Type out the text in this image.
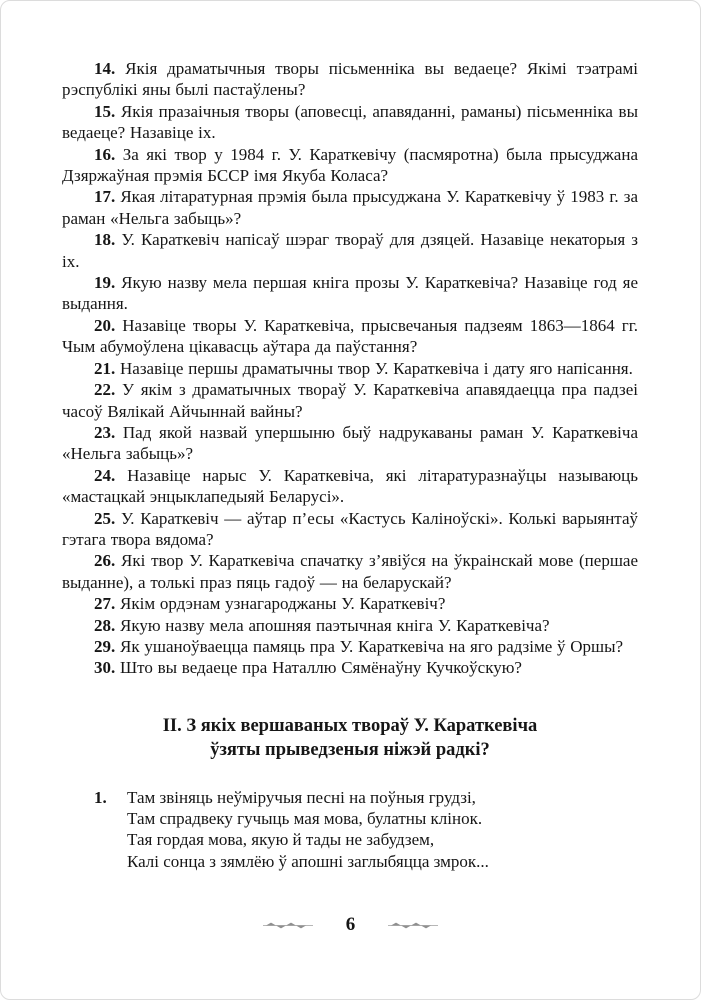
14. Якія драматычныя творы пісьменніка вы ведаеце? Якімі тэатрамі рэспублікі яны былі пастаўлены?

15. Якія празаічныя творы (аповесці, апавяданні, раманы) пісьменніка вы ведаеце? Назавіце іх.

16. За які твор у 1984 г. У. Караткевічу (пасмяротна) была прысуджана Дзяржаўная прэмія БССР імя Якуба Коласа?

17. Якая літаратурная прэмія была прысуджана У. Караткевічу ў 1983 г. за раман «Нельга забыць»?

18. У. Караткевіч напісаў шэраг твораў для дзяцей. Назавіце некаторыя з іх.

19. Якую назву мела першая кніга прозы У. Караткевіча? Назавіце год яе выдання.

20. Назавіце творы У. Караткевіча, прысвечаныя падзеям 1863—1864 гг. Чым абумоўлена цікавасць аўтара да паўстання?

21. Назавіце першы драматычны твор У. Караткевіча і дату яго напісання.

22. У якім з драматычных твораў У. Караткевіча апавядаецца пра падзеі часоў Вялікай Айчыннай вайны?

23. Пад якой назвай упершыню быў надрукаваны раман У. Караткевіча «Нельга забыць»?

24. Назавіце нарыс У. Караткевіча, які літаратуразнаўцы называюць «мастацкай энцыклапедыяй Беларусі».

25. У. Караткевіч — аўтар п’есы «Кастусь Каліноўскі». Колькі варыянтаў гэтага твора вядома?

26. Які твор У. Караткевіча спачатку з’явіўся на ўкраінскай мове (першае выданне), а толькі праз пяць гадоў — на беларускай?

27. Якім ордэнам узнагароджаны У. Караткевіч?

28. Якую назву мела апошняя паэтычная кніга У. Караткевіча?

29. Як ушаноўваецца памяць пра У. Караткевіча на яго радзіме ў Оршы?

30. Што вы ведаеце пра Наталлю Сямёнаўну Кучкоўскую?

II. З якіх вершаваных твораў У. Караткевіча
ўзяты прыведзеныя ніжэй радкі?
1.	Там звіняць неўміручыя песні на поўныя грудзі,
Там спрадвеку гучыць мая мова, булатны клінок.
Тая гордая мова, якую й тады не забудзем,
Калі сонца з зямлёю ў апошні заглыбяцца змрок...
6
